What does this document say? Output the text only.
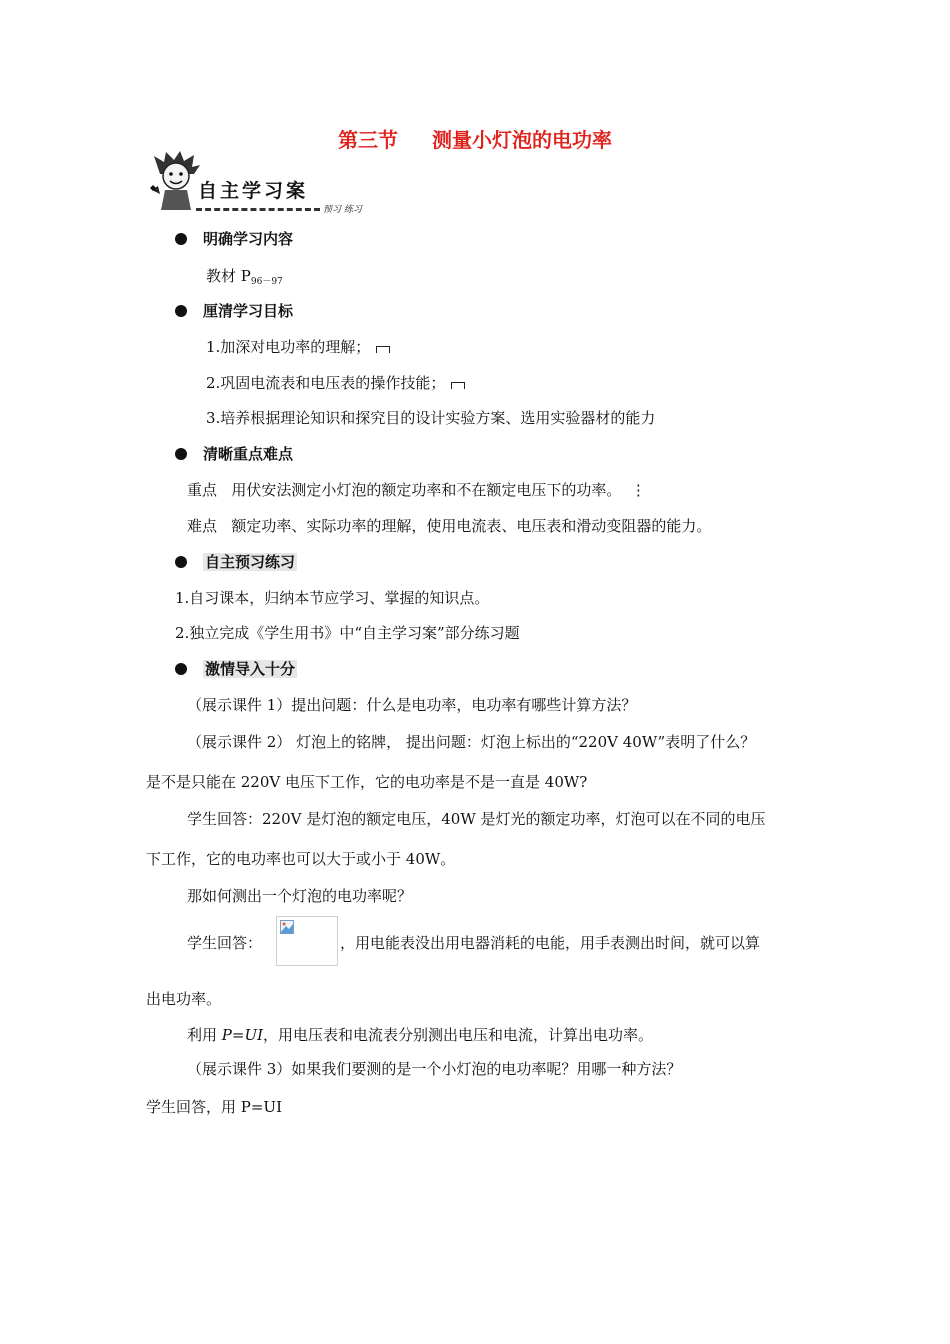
第三节 测量小灯泡的电功率
自主学习案
预习 练习
明确学习内容
教材 $P_{96-97}$
厘清学习目标
1.加深对电功率的理解；
2.巩固电流表和电压表的操作技能；
3.培养根据理论知识和探究目的设计实验方案、选用实验器材的能力
清晰重点难点
重点 用伏安法测定小灯泡的额定功率和不在额定电压下的功率。 ⋮
难点 额定功率、实际功率的理解，使用电流表、电压表和滑动变阻器的能力。
自主预习练习
1.自习课本，归纳本节应学习、掌握的知识点。
2.独立完成《学生用书》中“自主学习案”部分练习题
激情导入十分
（展示课件 1）提出问题：什么是电功率，电功率有哪些计算方法？
（展示课件 2） 灯泡上的铭牌， 提出问题：灯泡上标出的“220V 40W”表明了什么？
是不是只能在 220V 电压下工作，它的电功率是不是一直是 40W?
学生回答：220V 是灯泡的额定电压，40W 是灯光的额定功率，灯泡可以在不同的电压
下工作，它的电功率也可以大于或小于 40W。
那如何测出一个灯泡的电功率呢？
学生回答：	，用电能表没出用电器消耗的电能，用手表测出时间，就可以算
出电功率。
利用 P=UI，用电压表和电流表分别测出电压和电流，计算出电功率。
（展示课件 3）如果我们要测的是一个小灯泡的电功率呢？用哪一种方法？
学生回答，用 P=UI
